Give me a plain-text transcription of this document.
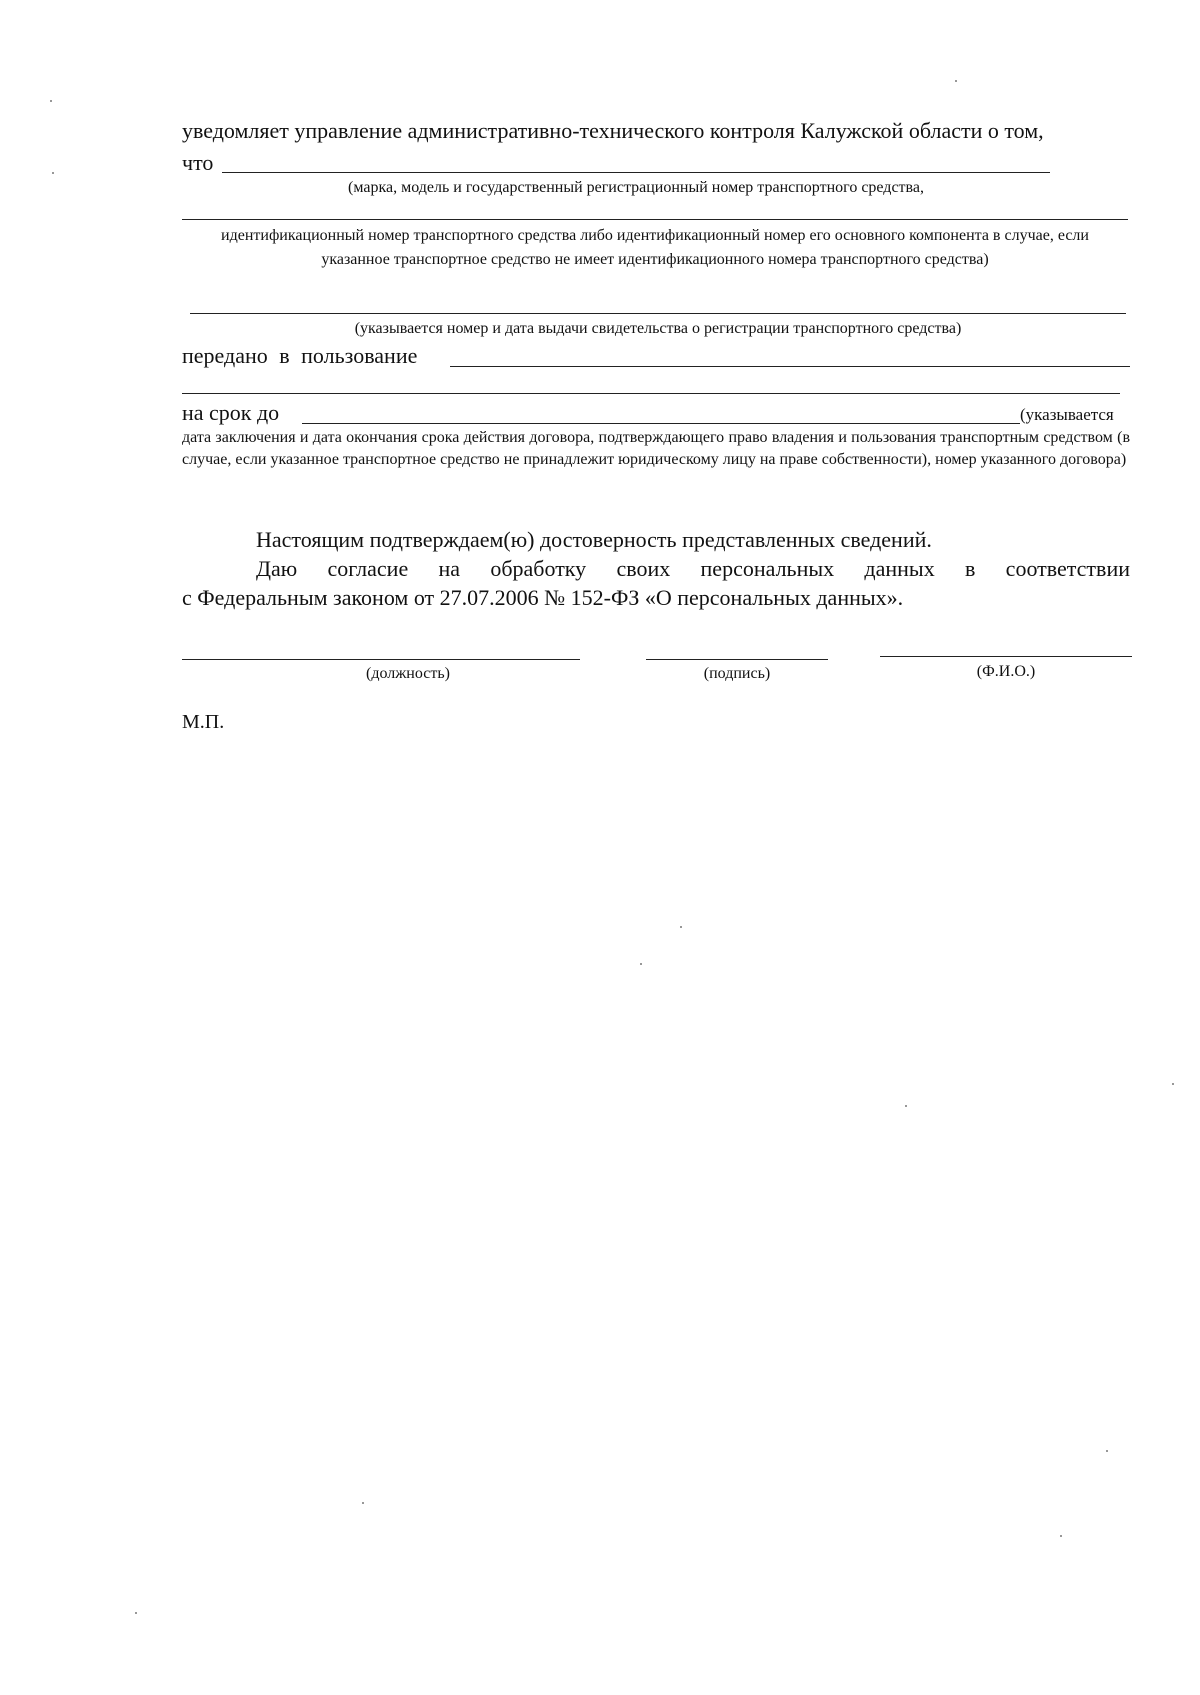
уведомляет управление административно-технического контроля Калужской области о том,
что
(марка, модель и государственный регистрационный номер транспортного средства,
идентификационный номер транспортного средства либо идентификационный номер его основного компонента в случае, если указанное транспортное средство не имеет идентификационного номера транспортного средства)
(указывается номер и дата выдачи свидетельства о регистрации транспортного средства)
передано в пользование
на срок до	(указывается
дата заключения и дата окончания срока действия договора, подтверждающего право владения и пользования транспортным средством (в случае, если указанное транспортное средство не принадлежит юридическому лицу на праве собственности), номер указанного договора)
Настоящим подтверждаем(ю) достоверность представленных сведений.
Даю согласие на обработку своих персональных данных в соответствии
с Федеральным законом от 27.07.2006 № 152-ФЗ «О персональных данных».
(должность)	(подпись)	(Ф.И.О.)
М.П.
